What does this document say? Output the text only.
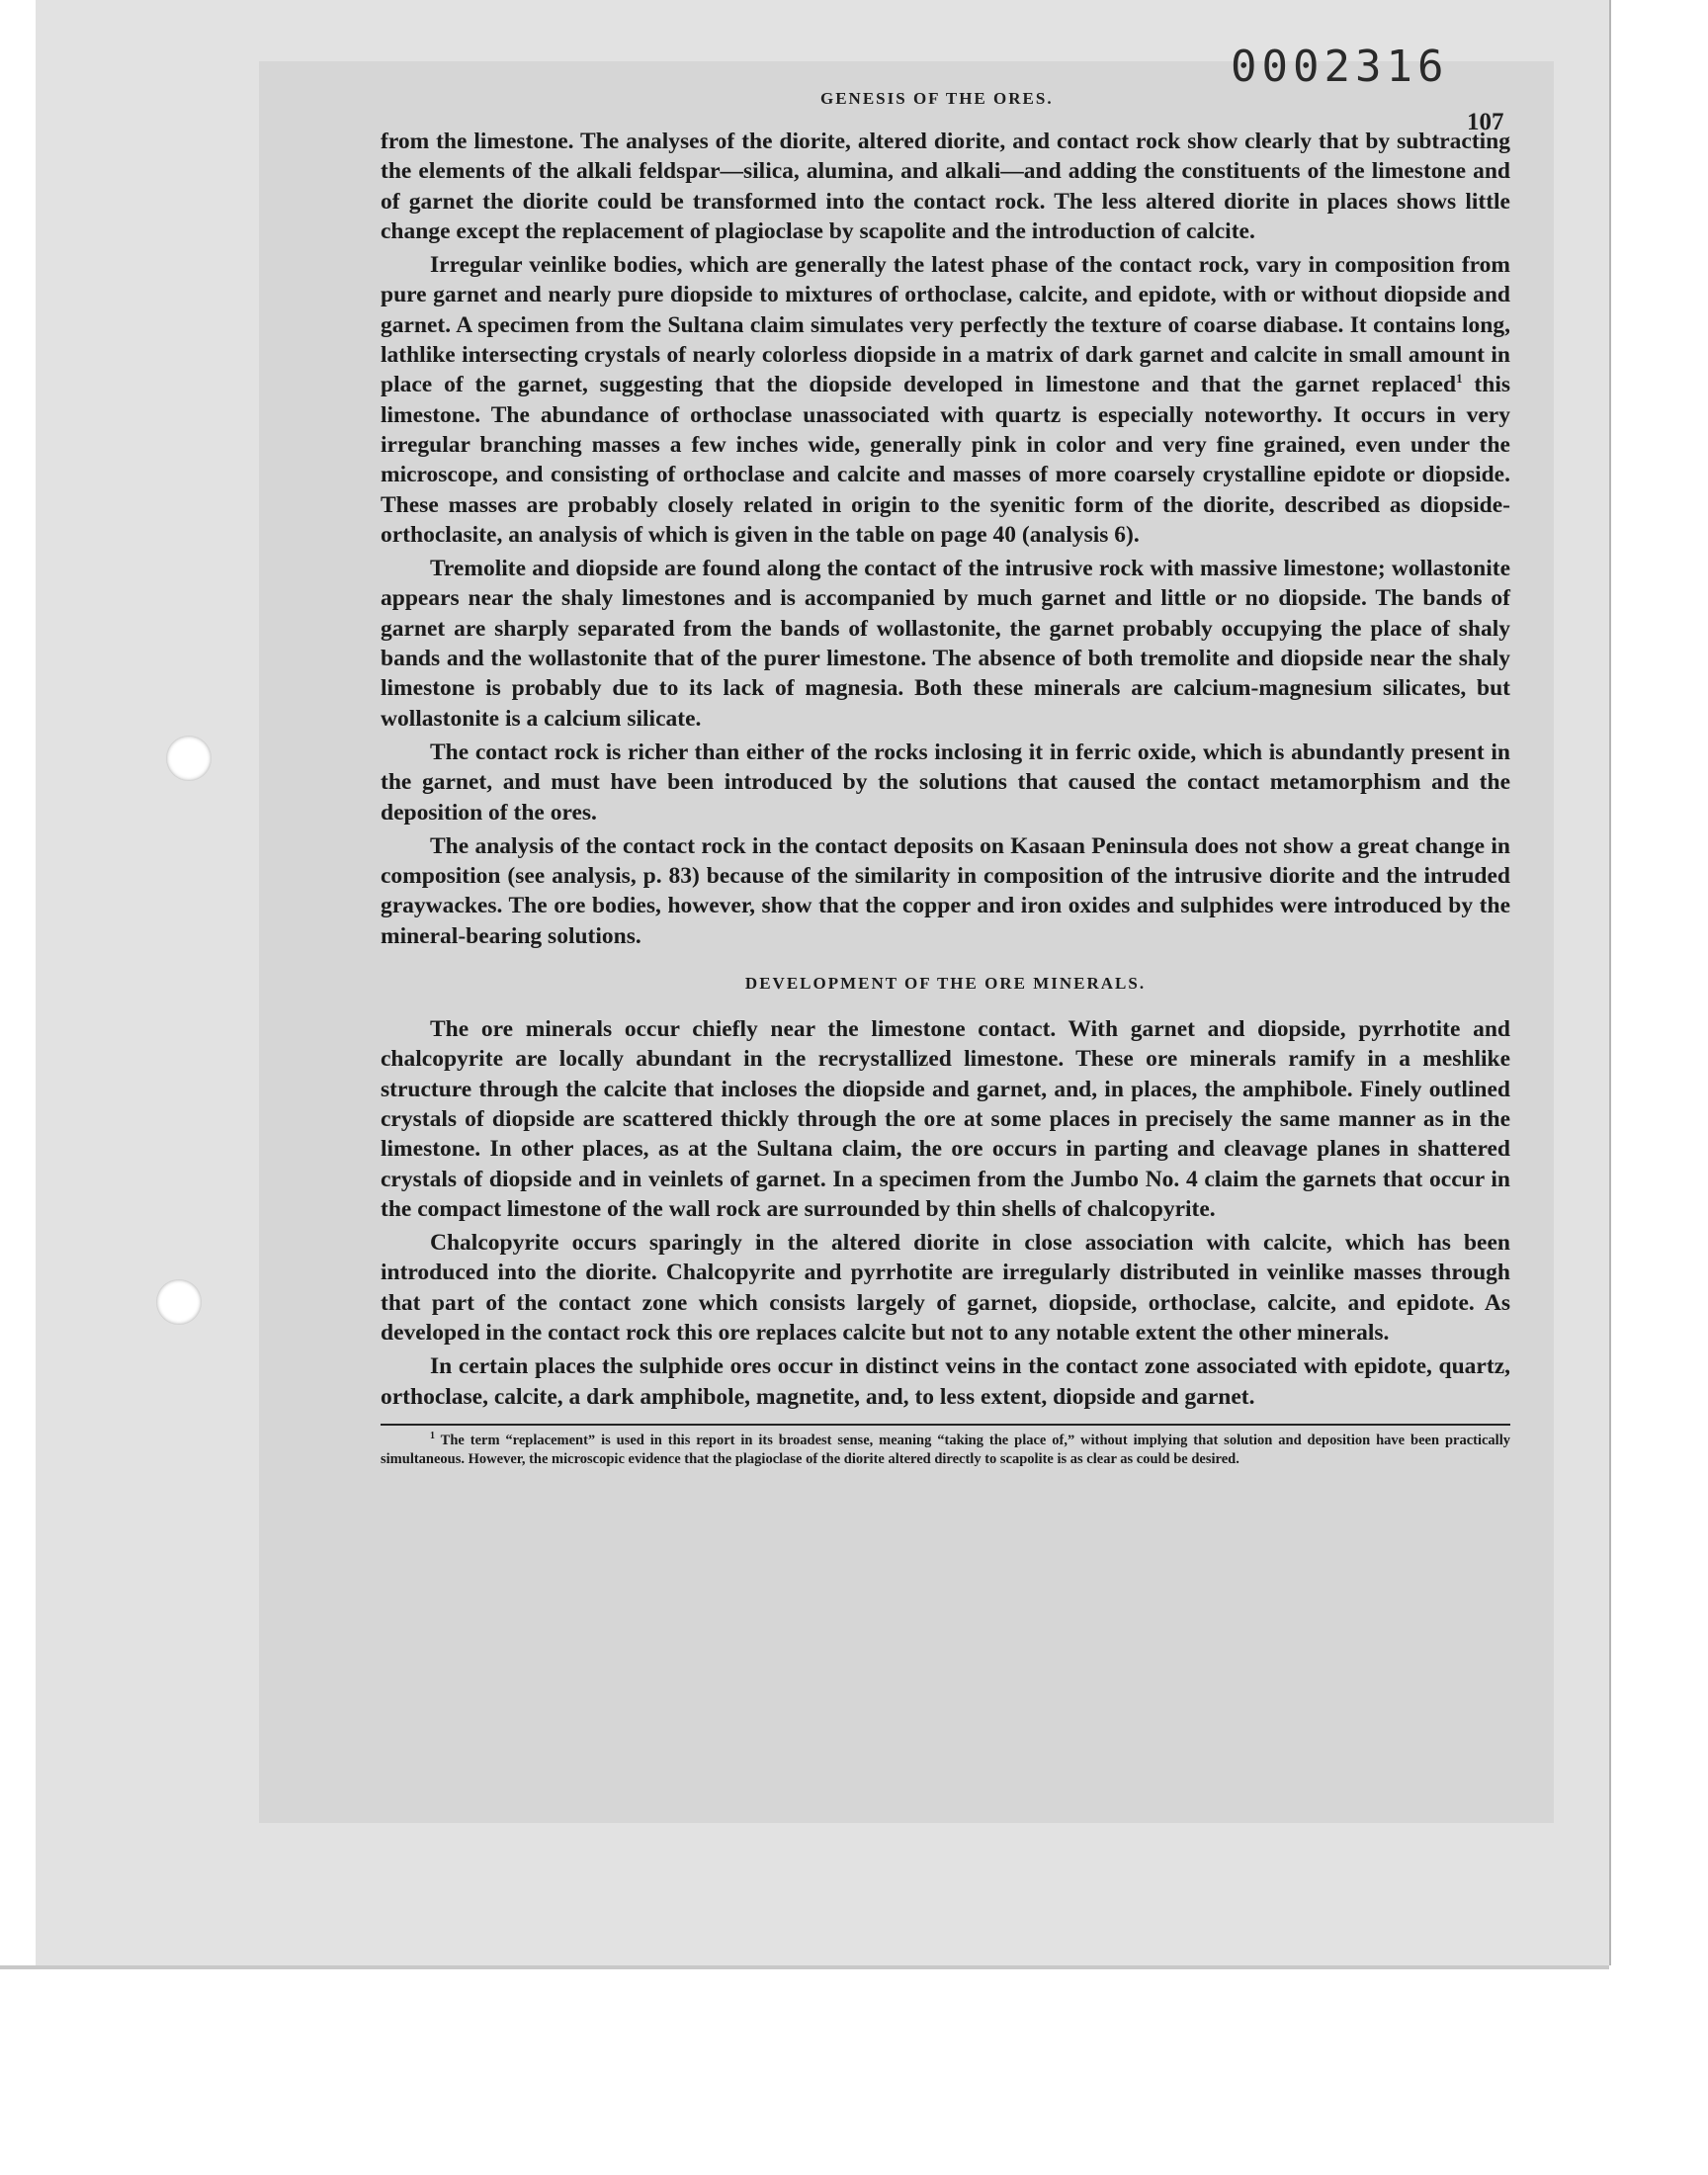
0002316
GENESIS OF THE ORES.
107

from the limestone. The analyses of the diorite, altered diorite, and contact rock show clearly that by subtracting the elements of the alkali feldspar—silica, alumina, and alkali—and adding the constituents of the limestone and of garnet the diorite could be transformed into the contact rock. The less altered diorite in places shows little change except the replacement of plagioclase by scapolite and the introduction of calcite.

Irregular veinlike bodies, which are generally the latest phase of the contact rock, vary in composition from pure garnet and nearly pure diopside to mixtures of orthoclase, calcite, and epidote, with or without diopside and garnet. A specimen from the Sultana claim simulates very perfectly the texture of coarse diabase. It contains long, lathlike intersecting crystals of nearly colorless diopside in a matrix of dark garnet and calcite in small amount in place of the garnet, suggesting that the diopside developed in limestone and that the garnet replaced$^1$ this limestone. The abundance of orthoclase unassociated with quartz is especially noteworthy. It occurs in very irregular branching masses a few inches wide, generally pink in color and very fine grained, even under the microscope, and consisting of orthoclase and calcite and masses of more coarsely crystalline epidote or diopside. These masses are probably closely related in origin to the syenitic form of the diorite, described as diopside-orthoclasite, an analysis of which is given in the table on page 40 (analysis 6).

Tremolite and diopside are found along the contact of the intrusive rock with massive limestone; wollastonite appears near the shaly limestones and is accompanied by much garnet and little or no diopside. The bands of garnet are sharply separated from the bands of wollastonite, the garnet probably occupying the place of shaly bands and the wollastonite that of the purer limestone. The absence of both tremolite and diopside near the shaly limestone is probably due to its lack of magnesia. Both these minerals are calcium-magnesium silicates, but wollastonite is a calcium silicate.

The contact rock is richer than either of the rocks inclosing it in ferric oxide, which is abundantly present in the garnet, and must have been introduced by the solutions that caused the contact metamorphism and the deposition of the ores.

The analysis of the contact rock in the contact deposits on Kasaan Peninsula does not show a great change in composition (see analysis, p. 83) because of the similarity in composition of the intrusive diorite and the intruded graywackes. The ore bodies, however, show that the copper and iron oxides and sulphides were introduced by the mineral-bearing solutions.

DEVELOPMENT OF THE ORE MINERALS.

The ore minerals occur chiefly near the limestone contact. With garnet and diopside, pyrrhotite and chalcopyrite are locally abundant in the recrystallized limestone. These ore minerals ramify in a meshlike structure through the calcite that incloses the diopside and garnet, and, in places, the amphibole. Finely outlined crystals of diopside are scattered thickly through the ore at some places in precisely the same manner as in the limestone. In other places, as at the Sultana claim, the ore occurs in parting and cleavage planes in shattered crystals of diopside and in veinlets of garnet. In a specimen from the Jumbo No. 4 claim the garnets that occur in the compact limestone of the wall rock are surrounded by thin shells of chalcopyrite.

Chalcopyrite occurs sparingly in the altered diorite in close association with calcite, which has been introduced into the diorite. Chalcopyrite and pyrrhotite are irregularly distributed in veinlike masses through that part of the contact zone which consists largely of garnet, diopside, orthoclase, calcite, and epidote. As developed in the contact rock this ore replaces calcite but not to any notable extent the other minerals.

In certain places the sulphide ores occur in distinct veins in the contact zone associated with epidote, quartz, orthoclase, calcite, a dark amphibole, magnetite, and, to less extent, diopside and garnet.

$^1$ The term “replacement” is used in this report in its broadest sense, meaning “taking the place of,” without implying that solution and deposition have been practically simultaneous. However, the microscopic evidence that the plagioclase of the diorite altered directly to scapolite is as clear as could be desired.
